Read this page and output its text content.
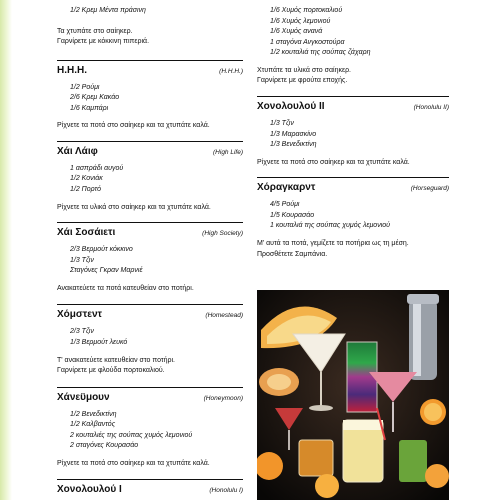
1/2 Κρεμ Μέντα πράσινη

Τα χτυπάτε στο σαίηκερ.

Γαρνίρετε με κόκκινη πιπεριά.

Η.Η.Η.	(H.H.H.)
1/2 Ρούμι
2/6 Κρεμ Κακάο
1/6 Καμπάρι

Ρίχνετε τα ποτά στο σαίηκερ και τα χτυπάτε καλά.

Χάι Λάιφ	(High Life)
1 ασπράδι αυγού
1/2 Κονιάκ
1/2 Πορτό

Ρίχνετε τα υλικά στο σαίηκερ και τα χτυπάτε καλά.

Χάι Σοσάιετι	(High Society)
2/3 Βερμούτ κόκκινο
1/3 Τζιν
Σταγόνες Γκραν Μαρνιέ

Ανακατεύετε τα ποτά κατευθείαν στο ποτήρι.

Χόμστεντ	(Homestead)
2/3 Τζιν
1/3 Βερμούτ λευκό

Τ' ανακατεύετε κατευθείαν στο ποτήρι.

Γαρνίρετε με φλούδα πορτοκαλιού.

Χάνεϋμουν	(Honeymoon)
1/2 Βενεδικτίνη
1/2 Καλβαντός
2 κουταλιές της σούπας χυμός λεμονιού
2 σταγόνες Κουρασάο

Ρίχνετε τα ποτά στο σαίηκερ και τα χτυπάτε καλά.

Χονολουλού Ι	(Honolulu I)
1/6 Χυμός πορτοκαλιού
1/6 Χυμός λεμονιού
1/6 Χυμός ανανά
1 σταγόνα Ανγκοστούρα
1/2 κουταλιά της σούπας ζάχαρη

Χτυπάτε τα υλικά στο σαίηκερ.

Γαρνίρετε με φρούτα εποχής.

Χονολουλού ΙΙ	(Honolulu II)
1/3 Τζιν
1/3 Μαρασκίνο
1/3 Βενεδικτίνη

Ρίχνετε τα ποτά στο σαίηκερ και τα χτυπάτε καλά.

Χόραγκαρντ	(Horseguard)
4/5 Ρούμι
1/5 Κουρασάο
1 κουταλιά της σούπας χυμός λεμονιού

Μ' αυτά τα ποτά, γεμίζετε τα ποτήρια ως τη μέση.

Προσθέτετε Σαμπάνια.
